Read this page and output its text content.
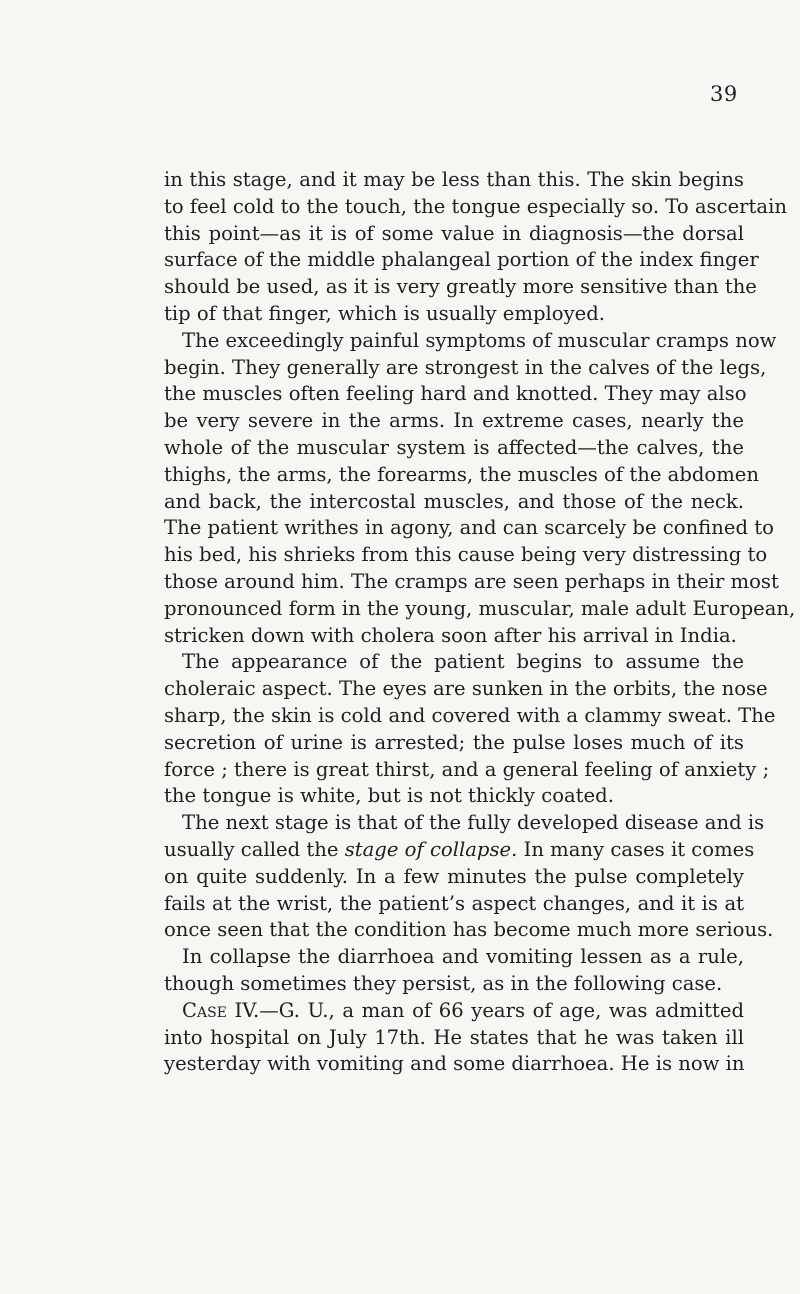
39
in this stage, and it may be less than this. The skin begins
to feel cold to the touch, the tongue especially so. To ascertain
this point—as it is of some value in diagnosis—the dorsal
surface of the middle phalangeal portion of the index finger
should be used, as it is very greatly more sensitive than the
tip of that finger, which is usually employed.
The exceedingly painful symptoms of muscular cramps now
begin. They generally are strongest in the calves of the legs,
the muscles often feeling hard and knotted. They may also
be very severe in the arms. In extreme cases, nearly the
whole of the muscular system is affected—the calves, the
thighs, the arms, the forearms, the muscles of the abdomen
and back, the intercostal muscles, and those of the neck.
The patient writhes in agony, and can scarcely be confined to
his bed, his shrieks from this cause being very distressing to
those around him. The cramps are seen perhaps in their most
pronounced form in the young, muscular, male adult European,
stricken down with cholera soon after his arrival in India.
The appearance of the patient begins to assume the
choleraic aspect. The eyes are sunken in the orbits, the nose
sharp, the skin is cold and covered with a clammy sweat. The
secretion of urine is arrested; the pulse loses much of its
force ; there is great thirst, and a general feeling of anxiety ;
the tongue is white, but is not thickly coated.
The next stage is that of the fully developed disease and is
usually called the stage of collapse. In many cases it comes
on quite suddenly. In a few minutes the pulse completely
fails at the wrist, the patient’s aspect changes, and it is at
once seen that the condition has become much more serious.
In collapse the diarrhoea and vomiting lessen as a rule,
though sometimes they persist, as in the following case.
Case IV.—G. U., a man of 66 years of age, was admitted
into hospital on July 17th. He states that he was taken ill
yesterday with vomiting and some diarrhoea. He is now in
